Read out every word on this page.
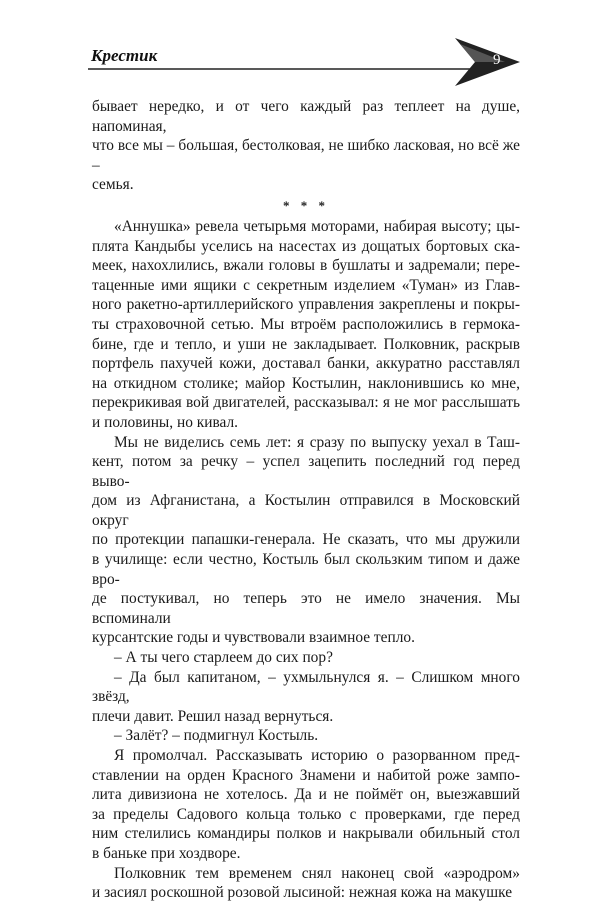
Крестик	9

бывает нередко, и от чего каждый раз теплеет на душе, напоминая,
что все мы – большая, бестолковая, не шибко ласковая, но всё же –
семья.

* * *

«Аннушка» ревела четырьмя моторами, набирая высоту; цы-
плята Кандыбы уселись на насестах из дощатых бортовых ска-
меек, нахохлились, вжали головы в бушлаты и задремали; пере-
таценные ими ящики с секретным изделием «Туман» из Глав-
ного ракетно-артиллерийского управления закреплены и покры-
ты страховочной сетью. Мы втроём расположились в гермока-
бине, где и тепло, и уши не закладывает. Полковник, раскрыв
портфель пахучей кожи, доставал банки, аккуратно расставлял
на откидном столике; майор Костылин, наклонившись ко мне,
перекрикивая вой двигателей, рассказывал: я не мог расслышать
и половины, но кивал.

Мы не виделись семь лет: я сразу по выпуску уехал в Таш-
кент, потом за речку – успел зацепить последний год перед выво-
дом из Афганистана, а Костылин отправился в Московский округ
по протекции папашки-генерала. Не сказать, что мы дружили
в училище: если честно, Костыль был скользким типом и даже вро-
де постукивал, но теперь это не имело значения. Мы вспоминали
курсантские годы и чувствовали взаимное тепло.

– А ты чего старлеем до сих пор?

– Да был капитаном, – ухмыльнулся я. – Слишком много звёзд,
плечи давит. Решил назад вернуться.

– Залёт? – подмигнул Костыль.

Я промолчал. Рассказывать историю о разорванном пред-
ставлении на орден Красного Знамени и набитой роже зампо-
лита дивизиона не хотелось. Да и не поймёт он, выезжавший
за пределы Садового кольца только с проверками, где перед
ним стелились командиры полков и накрывали обильный стол
в баньке при хоздворе.

Полковник тем временем снял наконец свой «аэродром»
и засиял роскошной розовой лысиной: нежная кожа на макушке
